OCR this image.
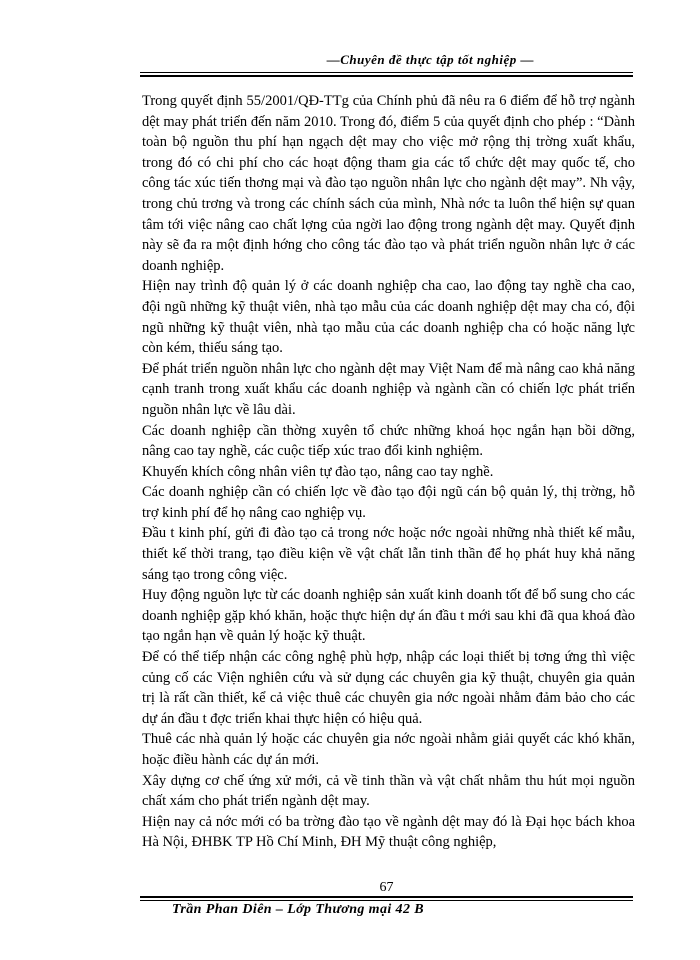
—Chuyên đề thực tập tốt nghiệp —

Trong quyết định 55/2001/QĐ-TTg của Chính phủ đã nêu ra 6 điểm để hỗ trợ ngành dệt may phát triển đến năm 2010. Trong đó, điểm 5 của quyết định cho phép : “Dành toàn bộ nguồn thu phí hạn ngạch dệt may cho việc mở rộng thị trờng xuất khẩu, trong đó có chi phí cho các hoạt động tham gia các tổ chức dệt may quốc tế, cho công tác xúc tiến thơng mại và đào tạo nguồn nhân lực cho ngành dệt may”. Nh vậy, trong chủ trơng và trong các chính sách của mình, Nhà nớc ta luôn thể hiện sự quan tâm tới việc nâng cao chất lợng của ngời lao động trong ngành dệt may. Quyết định này sẽ đa ra một định hớng cho công tác đào tạo và phát triển nguồn nhân lực ở các doanh nghiệp.

Hiện nay trình độ quản lý ở các doanh nghiệp cha cao, lao động tay nghề cha cao, đội ngũ những kỹ thuật viên, nhà tạo mẫu của các doanh nghiệp dệt may cha có, đội ngũ những kỹ thuật viên, nhà tạo mẫu của các doanh nghiệp cha có hoặc năng lực còn kém, thiếu sáng tạo.

Để phát triển nguồn nhân lực cho ngành dệt may Việt Nam để mà nâng cao khả năng cạnh tranh trong xuất khẩu các doanh nghiệp và ngành cần có chiến lợc phát triển nguồn nhân lực về lâu dài.

Các doanh nghiệp cần thờng xuyên tổ chức những khoá học ngắn hạn bồi dỡng, nâng cao tay nghề, các cuộc tiếp xúc trao đổi kinh nghiệm.

Khuyến khích công nhân viên tự đào tạo, nâng cao tay nghề.

Các doanh nghiệp cần có chiến lợc về đào tạo đội ngũ cán bộ quản lý, thị trờng, hỗ trợ kinh phí để họ nâng cao nghiệp vụ.

Đầu t kinh phí, gửi đi đào tạo cả trong nớc hoặc nớc ngoài những nhà thiết kế mẫu, thiết kế thời trang, tạo điều kiện về vật chất lẫn tinh thần để họ phát huy khả năng sáng tạo trong công việc.

Huy động nguồn lực từ các doanh nghiệp sản xuất kinh doanh tốt để bổ sung cho các doanh nghiệp gặp khó khăn, hoặc thực hiện dự án đầu t mới sau khi đã qua khoá đào tạo ngắn hạn về quản lý hoặc kỹ thuật.

Để có thể tiếp nhận các công nghệ phù hợp, nhập các loại thiết bị tơng ứng thì việc củng cố các Viện nghiên cứu và sử dụng các chuyên gia kỹ thuật, chuyên gia quản trị là rất cần thiết, kể cả việc thuê các chuyên gia nớc ngoài nhằm đảm bảo cho các dự án đầu t đợc triển khai thực hiện có hiệu quả.

Thuê các nhà quản lý hoặc các chuyên gia nớc ngoài nhằm giải quyết các khó khăn, hoặc điều hành các dự án mới.

Xây dựng cơ chế ứng xử mới, cả về tinh thần và vật chất nhằm thu hút mọi nguồn chất xám cho phát triển ngành dệt may.

Hiện nay cả nớc mới có ba trờng đào tạo về ngành dệt may đó là Đại học bách khoa Hà Nội, ĐHBK TP Hồ Chí Minh, ĐH Mỹ thuật công nghiệp,

67
Trần Phan Diên – Lớp Thương mại 42 B
